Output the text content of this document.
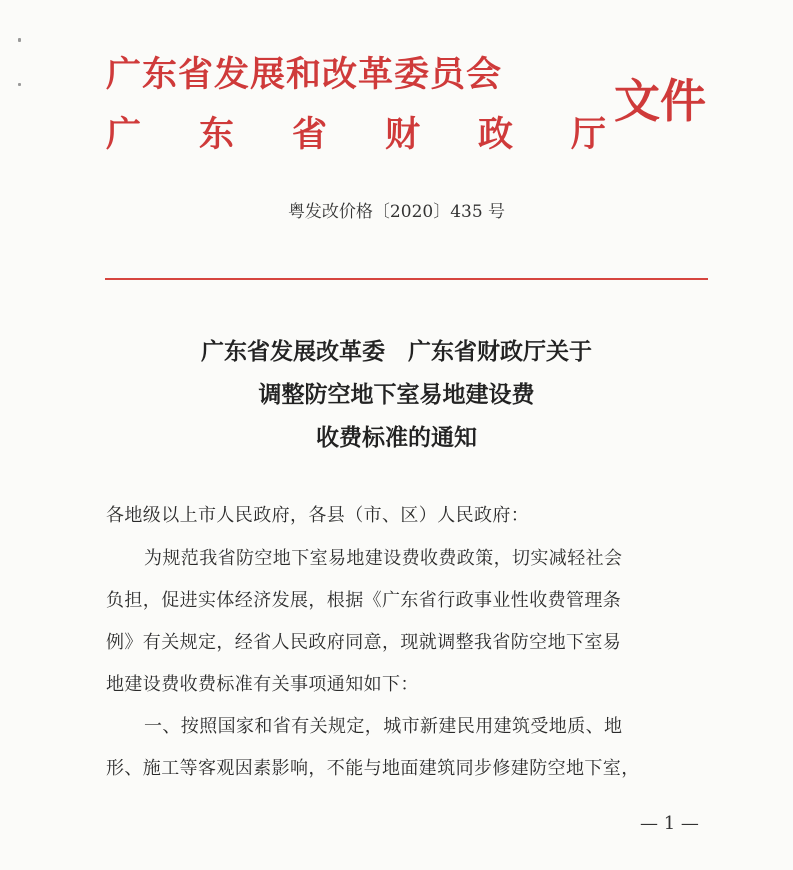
广东省发展和改革委员会
广 东 省 财 政 厅
文件
粤发改价格〔2020〕435 号
广东省发展改革委　广东省财政厅关于
调整防空地下室易地建设费
收费标准的通知
各地级以上市人民政府，各县（市、区）人民政府：
为规范我省防空地下室易地建设费收费政策，切实减轻社会
负担，促进实体经济发展，根据《广东省行政事业性收费管理条
例》有关规定，经省人民政府同意，现就调整我省防空地下室易
地建设费收费标准有关事项通知如下：
一、按照国家和省有关规定，城市新建民用建筑受地质、地
形、施工等客观因素影响，不能与地面建筑同步修建防空地下室，
— 1 —
